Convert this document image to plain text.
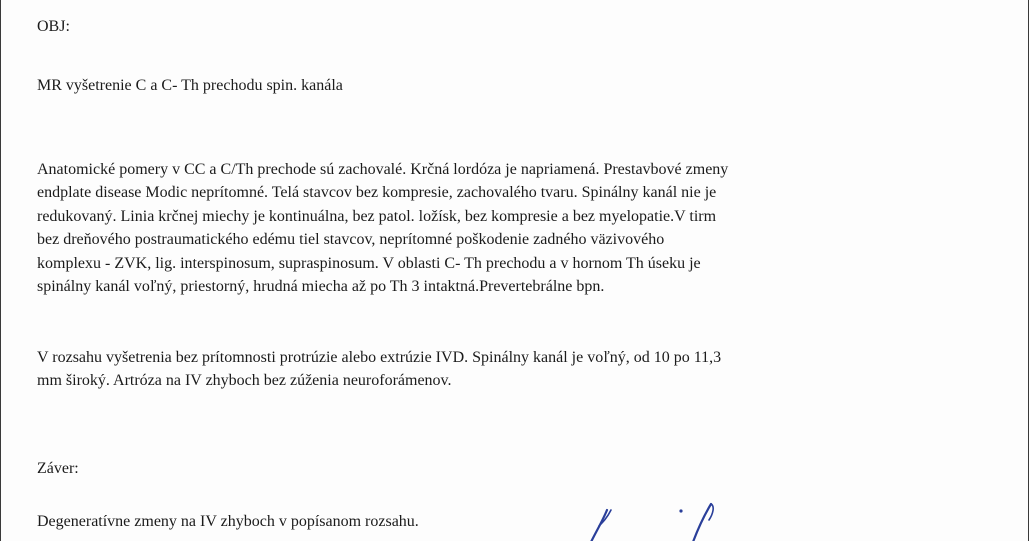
OBJ:

MR vyšetrenie C a C- Th prechodu spin. kanála

Anatomické pomery v CC a C/Th prechode sú zachovalé. Krčná lordóza je napriamená. Prestavbové zmeny
endplate disease Modic neprítomné. Telá stavcov bez kompresie, zachovalého tvaru. Spinálny kanál nie je
redukovaný. Linia krčnej miechy je kontinuálna, bez patol. ložísk, bez kompresie a bez myelopatie.V tirm
bez dreňového postraumatického edému tiel stavcov, neprítomné poškodenie zadného väzivového
komplexu - ZVK, lig. interspinosum, supraspinosum. V oblasti C- Th prechodu a v hornom Th úseku je
spinálny kanál voľný, priestorný, hrudná miecha až po Th 3 intaktná.Prevertebrálne bpn.
V rozsahu vyšetrenia bez prítomnosti protrúzie alebo extrúzie IVD. Spinálny kanál je voľný, od 10 po 11,3
mm široký. Artróza na IV zhyboch bez zúženia neuroforámenov.

Záver:

Degeneratívne zmeny na IV zhyboch v popísanom rozsahu.
